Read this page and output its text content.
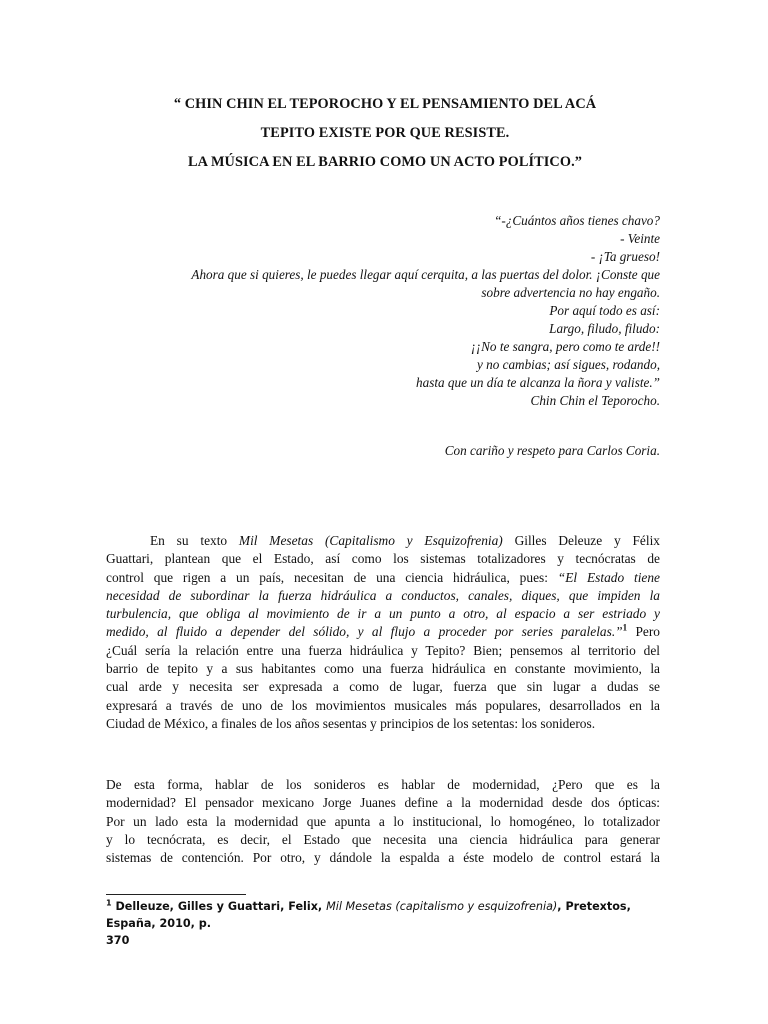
“ CHIN CHIN EL TEPOROCHO Y EL PENSAMIENTO DEL ACÁ
TEPITO EXISTE POR QUE RESISTE.
LA MÚSICA EN EL BARRIO COMO UN ACTO POLÍTICO.”
“-¿Cuántos años tienes chavo?
- Veinte
- ¡Ta grueso!
Ahora que si quieres, le puedes llegar aquí cerquita, a las puertas del dolor. ¡Conste que
sobre advertencia no hay engaño.
Por aquí todo es así:
Largo, filudo, filudo:
¡¡No te sangra, pero como te arde!!
y no cambias; así sigues, rodando,
hasta que un día te alcanza la ñora y valiste.”
Chin Chin el Teporocho.
Con cariño y respeto para Carlos Coria.
En su texto Mil Mesetas (Capitalismo y Esquizofrenia) Gilles Deleuze y Félix
Guattari, plantean que el Estado, así como los sistemas totalizadores y tecnócratas de
control que rigen a un país, necesitan de una ciencia hidráulica, pues: “El Estado tiene
necesidad de subordinar la fuerza hidráulica a conductos, canales, diques, que impiden la
turbulencia, que obliga al movimiento de ir a un punto a otro, al espacio a ser estriado y
medido, al fluido a depender del sólido, y al flujo a proceder por series paralelas.”$^1$ Pero
¿Cuál sería la relación entre una fuerza hidráulica y Tepito? Bien; pensemos al territorio del
barrio de tepito y a sus habitantes como una fuerza hidráulica en constante movimiento, la
cual arde y necesita ser expresada a como de lugar, fuerza que sin lugar a dudas se
expresará a través de uno de los movimientos musicales más populares, desarrollados en la
Ciudad de México, a finales de los años sesentas y principios de los setentas: los sonideros.
De esta forma, hablar de los sonideros es hablar de modernidad, ¿Pero que es la
modernidad? El pensador mexicano Jorge Juanes define a la modernidad desde dos ópticas:
Por un lado esta la modernidad que apunta a lo institucional, lo homogéneo, lo totalizador
y lo tecnócrata, es decir, el Estado que necesita una ciencia hidráulica para generar
sistemas de contención. Por otro, y dándole la espalda a éste modelo de control estará la
$^1$ Delleuze, Gilles y Guattari, Felix, Mil Mesetas (capitalismo y esquizofrenia), Pretextos, España, 2010, p.
370
